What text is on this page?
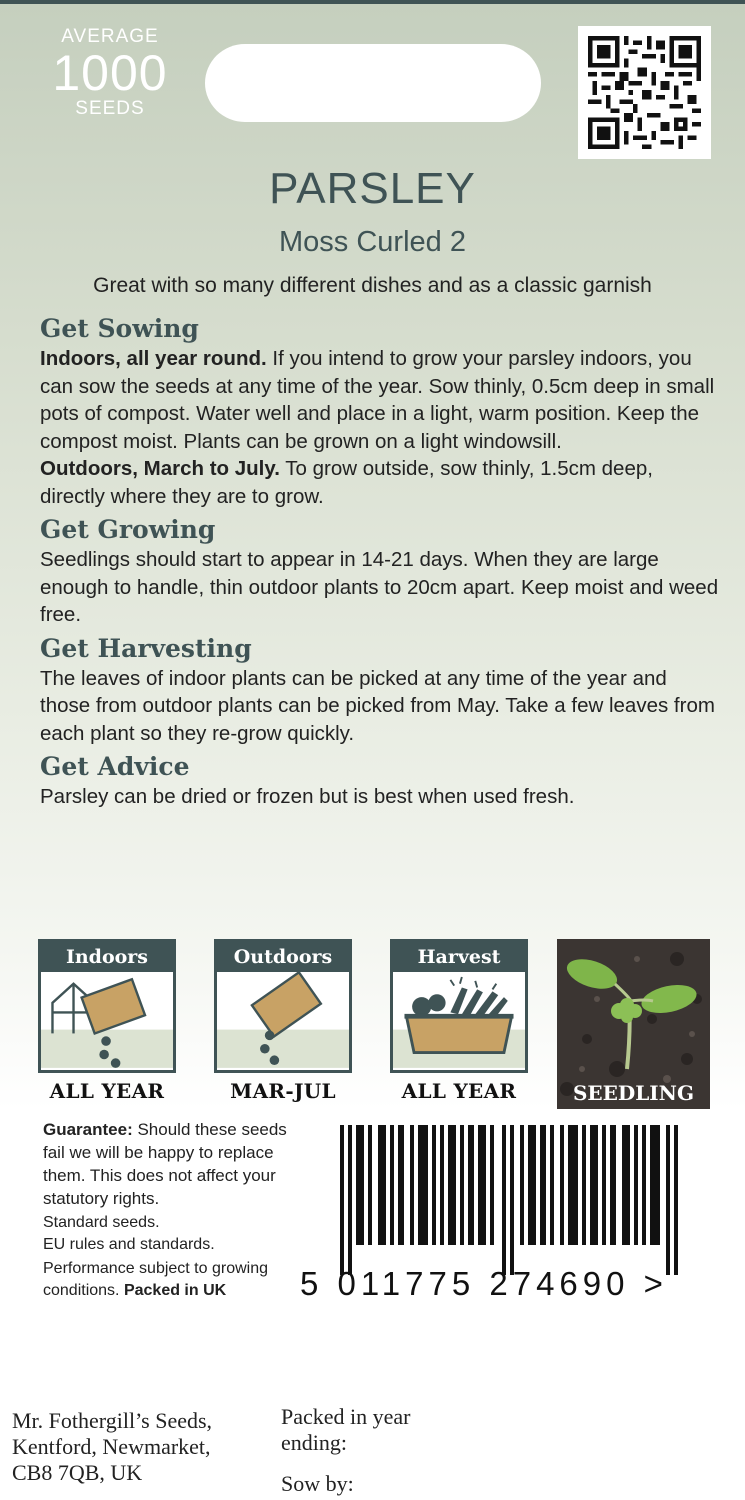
AVERAGE
1000
SEEDS
PARSLEY
Moss Curled 2
Great with so many different dishes and as a classic garnish
Get Sowing

Indoors, all year round. If you intend to grow your parsley indoors, you can sow the seeds at any time of the year. Sow thinly, 0.5cm deep in small pots of compost. Water well and place in a light, warm position. Keep the compost moist. Plants can be grown on a light windowsill.

Outdoors, March to July. To grow outside, sow thinly, 1.5cm deep, directly where they are to grow.

Get Growing

Seedlings should start to appear in 14-21 days. When they are large enough to handle, thin outdoor plants to 20cm apart. Keep moist and weed free.

Get Harvesting

The leaves of indoor plants can be picked at any time of the year and those from outdoor plants can be picked from May. Take a few leaves from each plant so they re-grow quickly.

Get Advice

Parsley can be dried or frozen but is best when used fresh.

Indoors
ALL YEAR
Outdoors
MAR-JUL
Harvest
ALL YEAR	SEEDLING

Guarantee: Should these seeds fail we will be happy to replace them. This does not affect your statutory rights.

Standard seeds.

EU rules and standards.

Performance subject to growing conditions. Packed in UK	5 011775 274690 >

Mr. Fothergill’s Seeds,

Kentford, Newmarket,

CB8 7QB, UK

Packed in year

ending:

Sow by:
